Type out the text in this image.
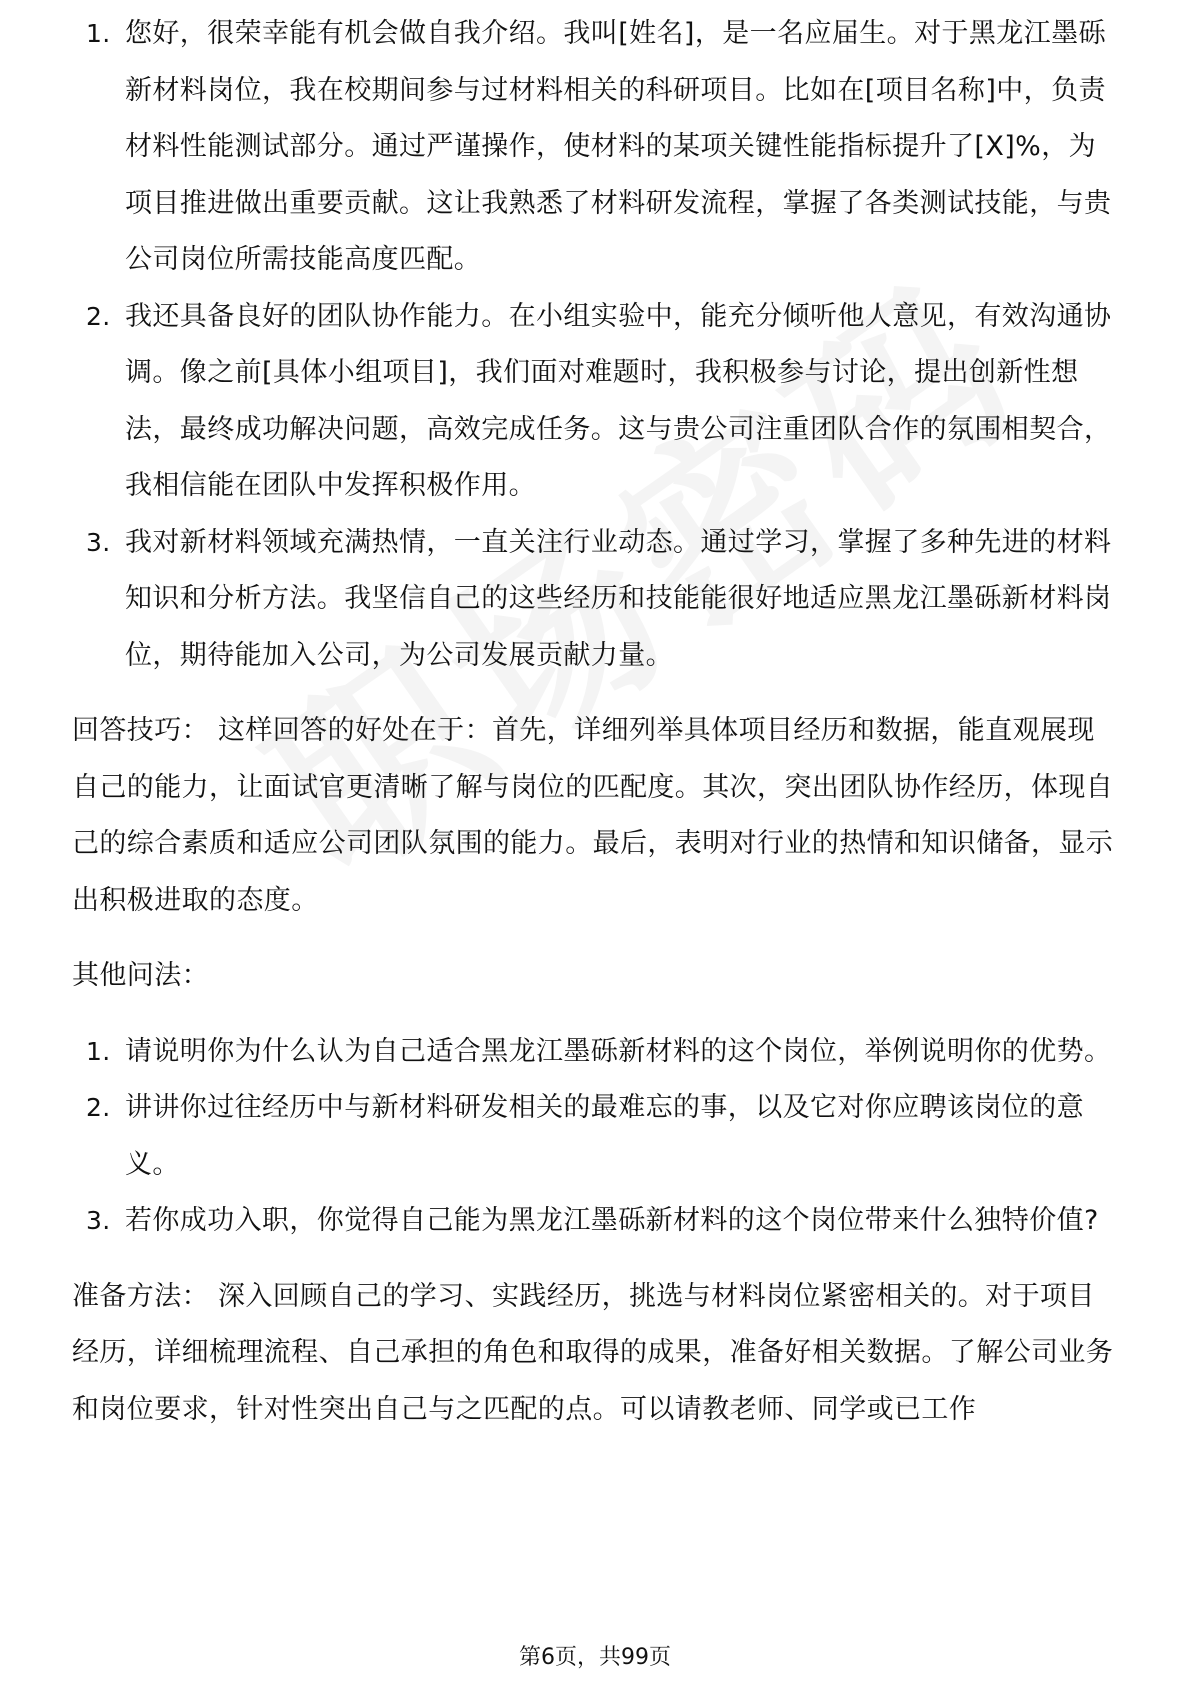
1. 您好，很荣幸能有机会做自我介绍。我叫[姓名]，是一名应届生。对于黑龙江墨砾新材料岗位，我在校期间参与过材料相关的科研项目。比如在[项目名称]中，负责材料性能测试部分。通过严谨操作，使材料的某项关键性能指标提升了[X]%，为项目推进做出重要贡献。这让我熟悉了材料研发流程，掌握了各类测试技能，与贵公司岗位所需技能高度匹配。
2. 我还具备良好的团队协作能力。在小组实验中，能充分倾听他人意见，有效沟通协调。像之前[具体小组项目]，我们面对难题时，我积极参与讨论，提出创新性想法，最终成功解决问题，高效完成任务。这与贵公司注重团队合作的氛围相契合，我相信能在团队中发挥积极作用。
3. 我对新材料领域充满热情，一直关注行业动态。通过学习，掌握了多种先进的材料知识和分析方法。我坚信自己的这些经历和技能能很好地适应黑龙江墨砾新材料岗位，期待能加入公司，为公司发展贡献力量。

回答技巧： 这样回答的好处在于：首先，详细列举具体项目经历和数据，能直观展现自己的能力，让面试官更清晰了解与岗位的匹配度。其次，突出团队协作经历，体现自己的综合素质和适应公司团队氛围的能力。最后，表明对行业的热情和知识储备，显示出积极进取的态度。

其他问法：

1. 请说明你为什么认为自己适合黑龙江墨砾新材料的这个岗位，举例说明你的优势。
2. 讲讲你过往经历中与新材料研发相关的最难忘的事，以及它对你应聘该岗位的意义。
3. 若你成功入职，你觉得自己能为黑龙江墨砾新材料的这个岗位带来什么独特价值?

准备方法： 深入回顾自己的学习、实践经历，挑选与材料岗位紧密相关的。对于项目经历，详细梳理流程、自己承担的角色和取得的成果，准备好相关数据。了解公司业务和岗位要求，针对性突出自己与之匹配的点。可以请教老师、同学或已工作

第6页，共99页
